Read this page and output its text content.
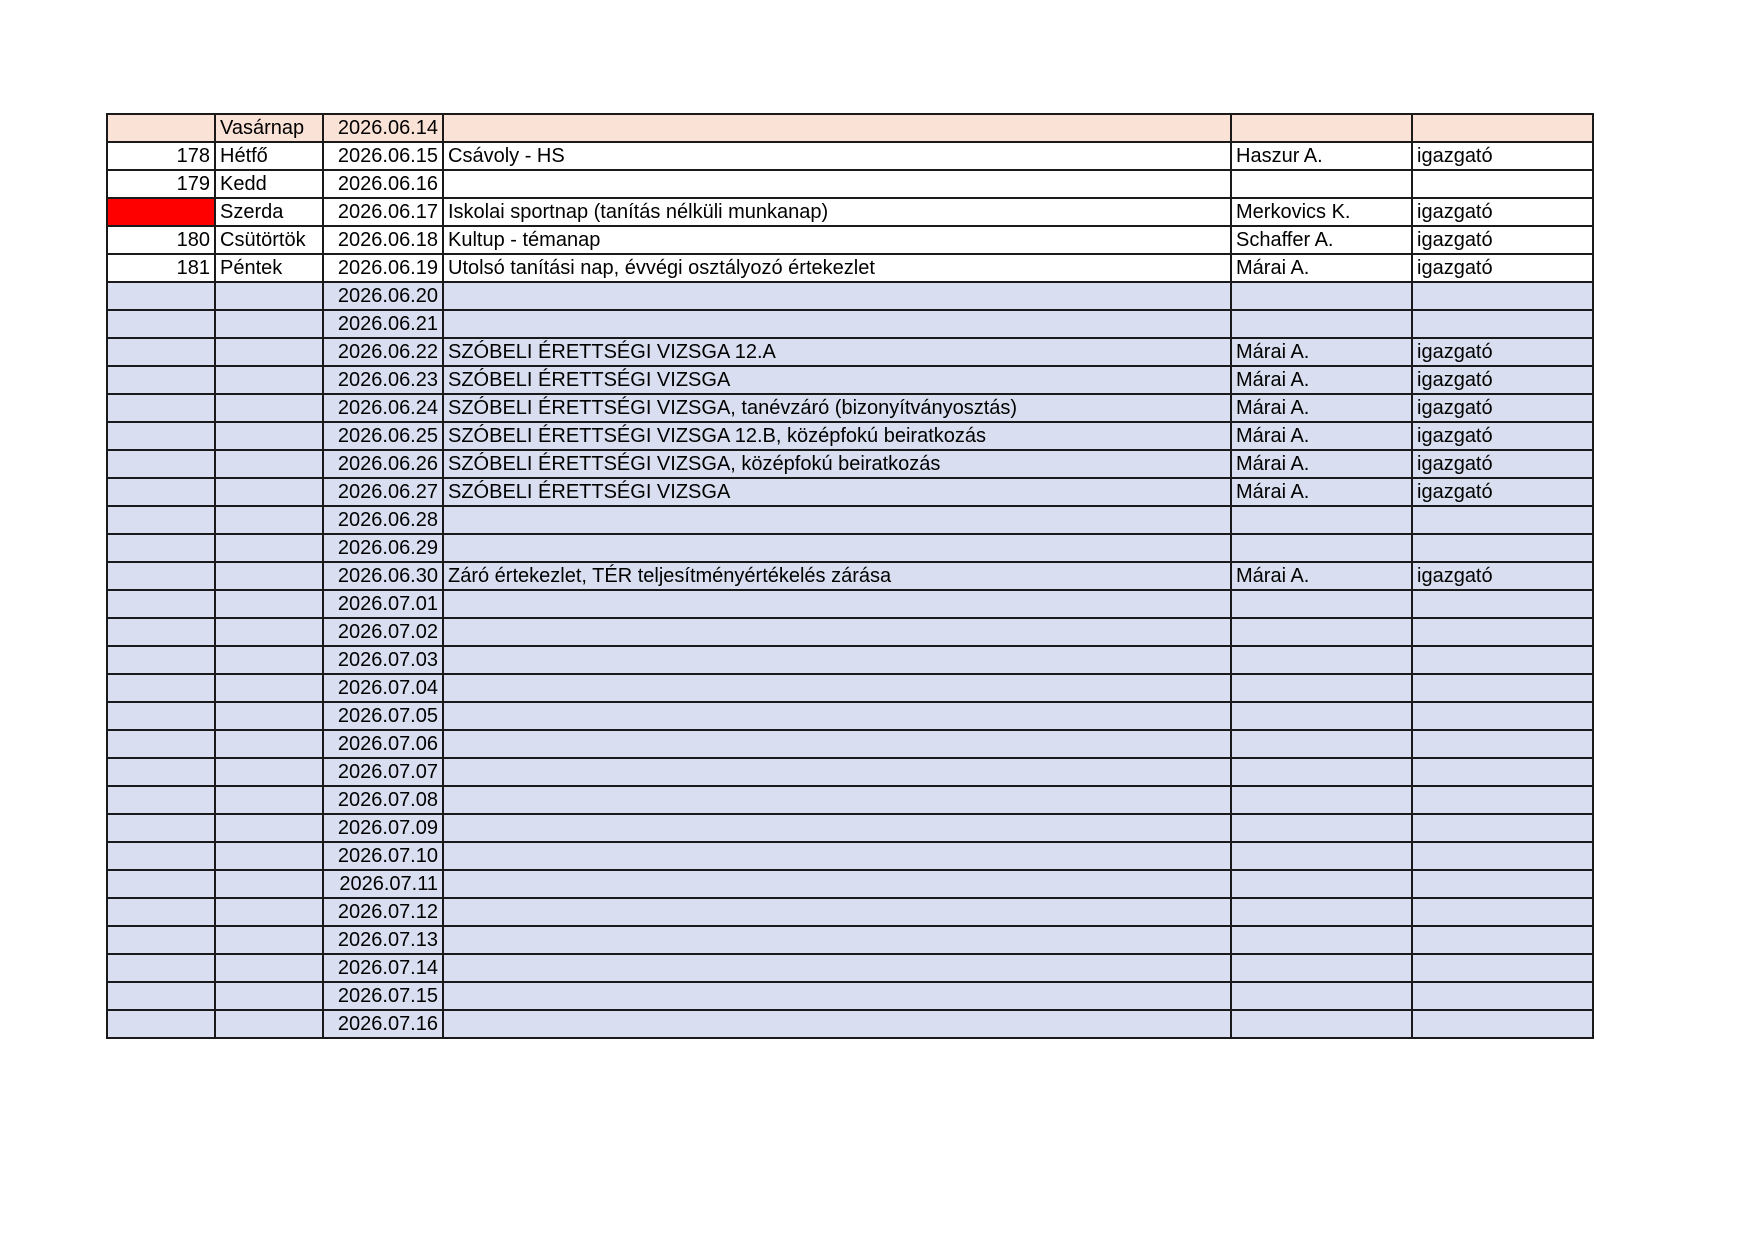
	Vasárnap	2026.06.14			
178	Hétfő	2026.06.15	Csávoly - HS	Haszur A.	igazgató
179	Kedd	2026.06.16			
	Szerda	2026.06.17	Iskolai sportnap (tanítás nélküli munkanap)	Merkovics K.	igazgató
180	Csütörtök	2026.06.18	Kultup - témanap	Schaffer A.	igazgató
181	Péntek	2026.06.19	Utolsó tanítási nap, évvégi osztályozó értekezlet	Márai A.	igazgató
		2026.06.20			
		2026.06.21			
		2026.06.22	SZÓBELI ÉRETTSÉGI VIZSGA 12.A	Márai A.	igazgató
		2026.06.23	SZÓBELI ÉRETTSÉGI VIZSGA	Márai A.	igazgató
		2026.06.24	SZÓBELI ÉRETTSÉGI VIZSGA, tanévzáró (bizonyítványosztás)	Márai A.	igazgató
		2026.06.25	SZÓBELI ÉRETTSÉGI VIZSGA 12.B, középfokú beiratkozás	Márai A.	igazgató
		2026.06.26	SZÓBELI ÉRETTSÉGI VIZSGA, középfokú beiratkozás	Márai A.	igazgató
		2026.06.27	SZÓBELI ÉRETTSÉGI VIZSGA	Márai A.	igazgató
		2026.06.28			
		2026.06.29			
		2026.06.30	Záró értekezlet, TÉR teljesítményértékelés zárása	Márai A.	igazgató
		2026.07.01			
		2026.07.02			
		2026.07.03			
		2026.07.04			
		2026.07.05			
		2026.07.06			
		2026.07.07			
		2026.07.08			
		2026.07.09			
		2026.07.10			
		2026.07.11			
		2026.07.12			
		2026.07.13			
		2026.07.14			
		2026.07.15			
		2026.07.16			
